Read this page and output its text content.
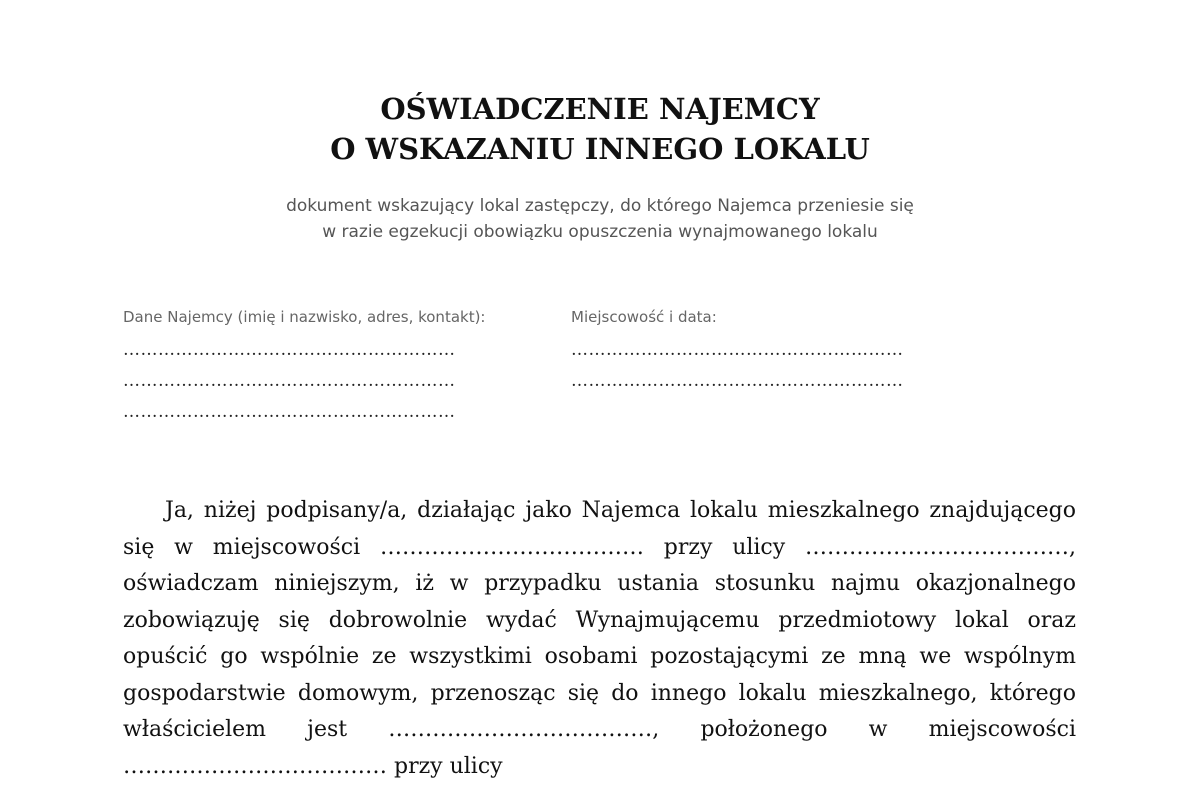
OŚWIADCZENIE NAJEMCY
O WSKAZANIU INNEGO LOKALU
dokument wskazujący lokal zastępczy, do którego Najemca przeniesie się
w razie egzekucji obowiązku opuszczenia wynajmowanego lokalu
Dane Najemcy (imię i nazwisko, adres, kontakt):
…………………………………………………
…………………………………………………
…………………………………………………
Miejscowość i data:
…………………………………………………
…………………………………………………

Ja, niżej podpisany/a, działając jako Najemca lokalu mieszkalnego znajdującego się w miejscowości ……………………………… przy ulicy ………………………………, oświadczam niniejszym, iż w przypadku ustania stosunku najmu okazjonalnego zobowiązuję się dobrowolnie wydać Wynajmującemu przedmiotowy lokal oraz opuścić go wspólnie ze wszystkimi osobami pozostającymi ze mną we wspólnym gospodarstwie domowym, przenosząc się do innego lokalu mieszkalnego, którego właścicielem jest ………………………………, położonego w miejscowości ……………………………… przy ulicy
